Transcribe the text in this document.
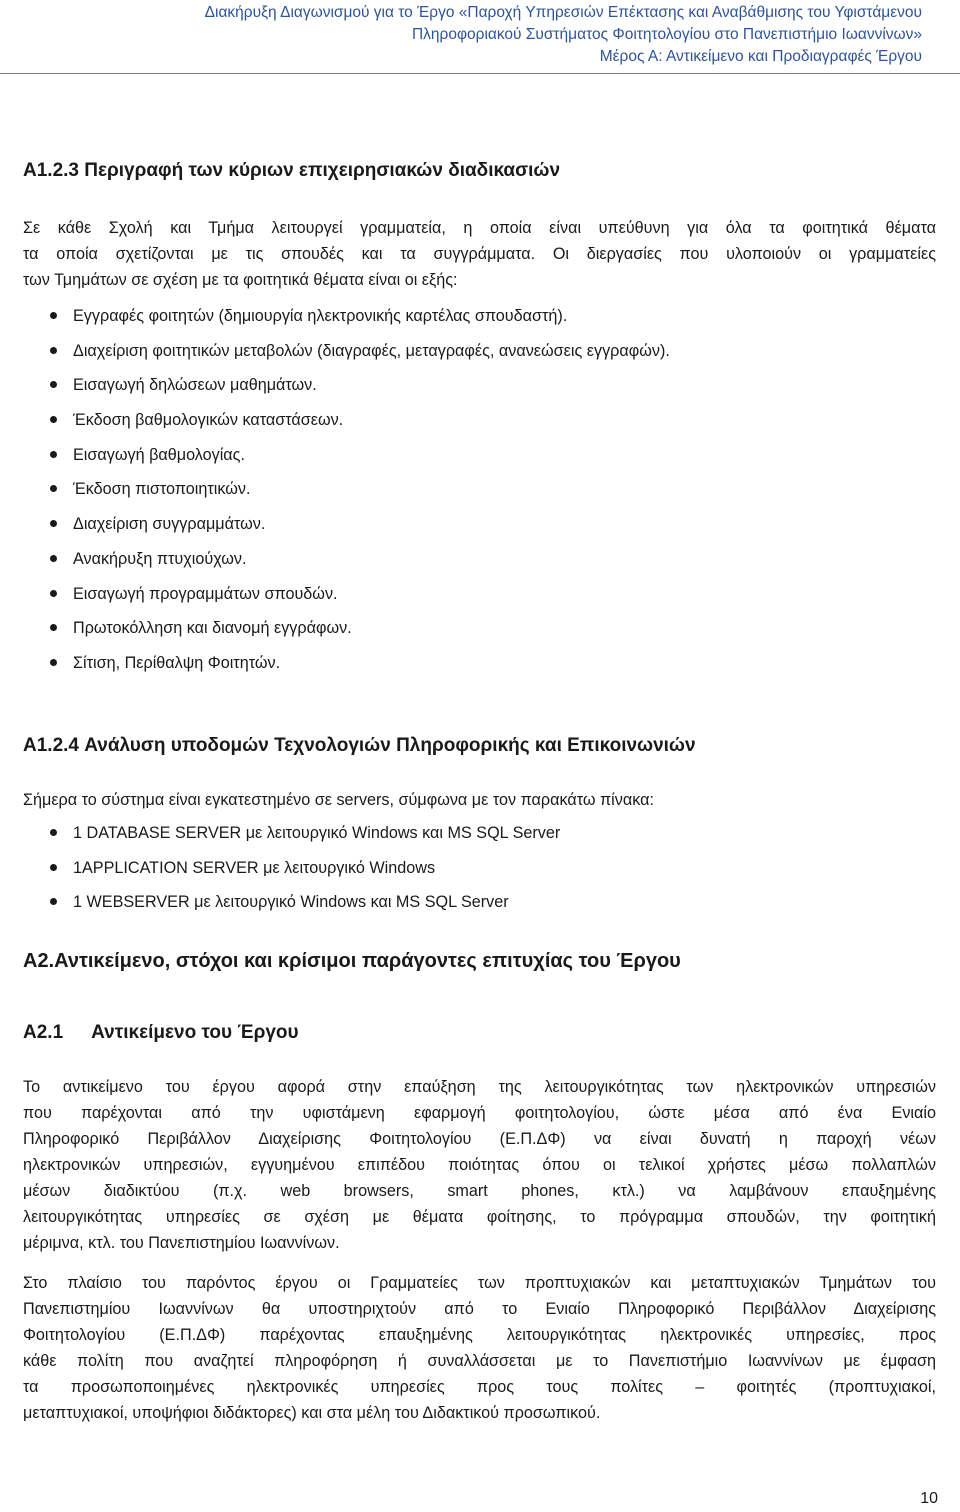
Διακήρυξη Διαγωνισμού για το Έργο «Παροχή Υπηρεσιών Επέκτασης και Αναβάθμισης του Υφιστάμενου
Πληροφοριακού Συστήματος Φοιτητολογίου στο Πανεπιστήμιο Ιωαννίνων»
Μέρος Α: Αντικείμενο και Προδιαγραφές Έργου
A1.2.3 Περιγραφή των κύριων επιχειρησιακών διαδικασιών
Σε κάθε Σχολή και Τμήμα λειτουργεί γραμματεία, η οποία είναι υπεύθυνη για όλα τα φοιτητικά θέματα
τα οποία σχετίζονται με τις σπουδές και τα συγγράμματα. Οι διεργασίες που υλοποιούν οι γραμματείες
των Τμημάτων σε σχέση με τα φοιτητικά θέματα είναι οι εξής:
Εγγραφές φοιτητών (δημιουργία ηλεκτρονικής καρτέλας σπουδαστή).
Διαχείριση φοιτητικών μεταβολών (διαγραφές, μεταγραφές, ανανεώσεις εγγραφών).
Εισαγωγή δηλώσεων μαθημάτων.
Έκδοση βαθμολογικών καταστάσεων.
Εισαγωγή βαθμολογίας.
Έκδοση πιστοποιητικών.
Διαχείριση συγγραμμάτων.
Ανακήρυξη πτυχιούχων.
Εισαγωγή προγραμμάτων σπουδών.
Πρωτοκόλληση και διανομή εγγράφων.
Σίτιση, Περίθαλψη Φοιτητών.
A1.2.4 Ανάλυση υποδομών Τεχνολογιών Πληροφορικής και Επικοινωνιών
Σήμερα το σύστημα είναι εγκατεστημένο σε servers, σύμφωνα με τον παρακάτω πίνακα:
1 DATABASE SERVER με λειτουργικό Windows και MS SQL Server
1APPLICATION SERVER με λειτουργικό Windows
1 WEBSERVER με λειτουργικό Windows και MS SQL Server
A2.Αντικείμενο, στόχοι και κρίσιμοι παράγοντες επιτυχίας του Έργου
A2.1 Αντικείμενο του Έργου
Το αντικείμενο του έργου αφορά στην επαύξηση της λειτουργικότητας των ηλεκτρονικών υπηρεσιών
που παρέχονται από την υφιστάμενη εφαρμογή φοιτητολογίου, ώστε μέσα από ένα Ενιαίο
Πληροφορικό Περιβάλλον Διαχείρισης Φοιτητολογίου (Ε.Π.ΔΦ) να είναι δυνατή η παροχή νέων
ηλεκτρονικών υπηρεσιών, εγγυημένου επιπέδου ποιότητας όπου οι τελικοί χρήστες μέσω πολλαπλών
μέσων διαδικτύου (π.χ. web browsers, smart phones, κτλ.) να λαμβάνουν επαυξημένης
λειτουργικότητας υπηρεσίες σε σχέση με θέματα φοίτησης, το πρόγραμμα σπουδών, την φοιτητική
μέριμνα, κτλ. του Πανεπιστημίου Ιωαννίνων.
Στο πλαίσιο του παρόντος έργου οι Γραμματείες των προπτυχιακών και μεταπτυχιακών Τμημάτων του
Πανεπιστημίου Ιωαννίνων θα υποστηριχτούν από το Ενιαίο Πληροφορικό Περιβάλλον Διαχείρισης
Φοιτητολογίου (Ε.Π.ΔΦ) παρέχοντας επαυξημένης λειτουργικότητας ηλεκτρονικές υπηρεσίες, προς
κάθε πολίτη που αναζητεί πληροφόρηση ή συναλλάσσεται με το Πανεπιστήμιο Ιωαννίνων με έμφαση
τα προσωποποιημένες ηλεκτρονικές υπηρεσίες προς τους πολίτες – φοιτητές (προπτυχιακοί,
μεταπτυχιακοί, υποψήφιοι διδάκτορες) και στα μέλη του Διδακτικού προσωπικού.
10
